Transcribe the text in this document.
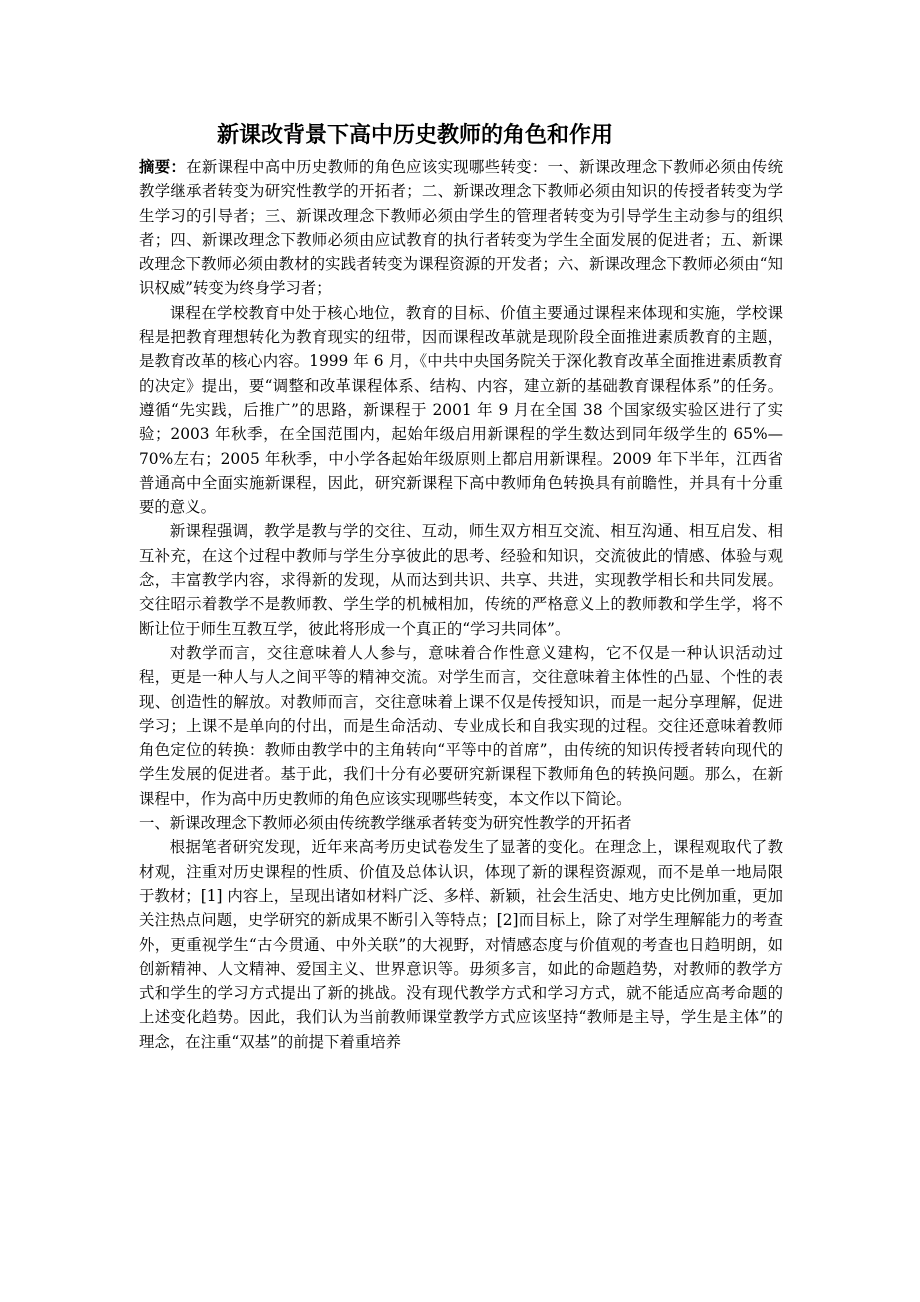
新课改背景下高中历史教师的角色和作用

摘要：在新课程中高中历史教师的角色应该实现哪些转变：一、新课改理念下教师必须由传统教学继承者转变为研究性教学的开拓者；二、新课改理念下教师必须由知识的传授者转变为学生学习的引导者；三、新课改理念下教师必须由学生的管理者转变为引导学生主动参与的组织者；四、新课改理念下教师必须由应试教育的执行者转变为学生全面发展的促进者；五、新课改理念下教师必须由教材的实践者转变为课程资源的开发者；六、新课改理念下教师必须由“知识权威”转变为终身学习者；

课程在学校教育中处于核心地位，教育的目标、价值主要通过课程来体现和实施，学校课程是把教育理想转化为教育现实的纽带，因而课程改革就是现阶段全面推进素质教育的主题，是教育改革的核心内容。1999 年 6 月，《中共中央国务院关于深化教育改革全面推进素质教育的决定》提出，要“调整和改革课程体系、结构、内容，建立新的基础教育课程体系”的任务。遵循“先实践，后推广”的思路，新课程于 2001 年 9 月在全国 38 个国家级实验区进行了实验；2003 年秋季，在全国范围内，起始年级启用新课程的学生数达到同年级学生的 65%—70%左右；2005 年秋季，中小学各起始年级原则上都启用新课程。2009 年下半年，江西省普通高中全面实施新课程，因此，研究新课程下高中教师角色转换具有前瞻性，并具有十分重要的意义。

新课程强调，教学是教与学的交往、互动，师生双方相互交流、相互沟通、相互启发、相互补充，在这个过程中教师与学生分享彼此的思考、经验和知识，交流彼此的情感、体验与观念，丰富教学内容，求得新的发现，从而达到共识、共享、共进，实现教学相长和共同发展。交往昭示着教学不是教师教、学生学的机械相加，传统的严格意义上的教师教和学生学，将不断让位于师生互教互学，彼此将形成一个真正的“学习共同体”。

对教学而言，交往意味着人人参与，意味着合作性意义建构，它不仅是一种认识活动过程，更是一种人与人之间平等的精神交流。对学生而言，交往意味着主体性的凸显、个性的表现、创造性的解放。对教师而言，交往意味着上课不仅是传授知识，而是一起分享理解，促进学习；上课不是单向的付出，而是生命活动、专业成长和自我实现的过程。交往还意味着教师角色定位的转换：教师由教学中的主角转向“平等中的首席”，由传统的知识传授者转向现代的学生发展的促进者。基于此，我们十分有必要研究新课程下教师角色的转换问题。那么，在新课程中，作为高中历史教师的角色应该实现哪些转变，本文作以下简论。

一、新课改理念下教师必须由传统教学继承者转变为研究性教学的开拓者

根据笔者研究发现，近年来高考历史试卷发生了显著的变化。在理念上，课程观取代了教材观，注重对历史课程的性质、价值及总体认识，体现了新的课程资源观，而不是单一地局限于教材；[1] 内容上，呈现出诸如材料广泛、多样、新颖，社会生活史、地方史比例加重，更加关注热点问题，史学研究的新成果不断引入等特点；[2]而目标上，除了对学生理解能力的考查外，更重视学生“古今贯通、中外关联”的大视野，对情感态度与价值观的考查也日趋明朗，如创新精神、人文精神、爱国主义、世界意识等。毋须多言，如此的命题趋势，对教师的教学方式和学生的学习方式提出了新的挑战。没有现代教学方式和学习方式，就不能适应高考命题的上述变化趋势。因此，我们认为当前教师课堂教学方式应该坚持“教师是主导，学生是主体”的理念，在注重“双基”的前提下着重培养
